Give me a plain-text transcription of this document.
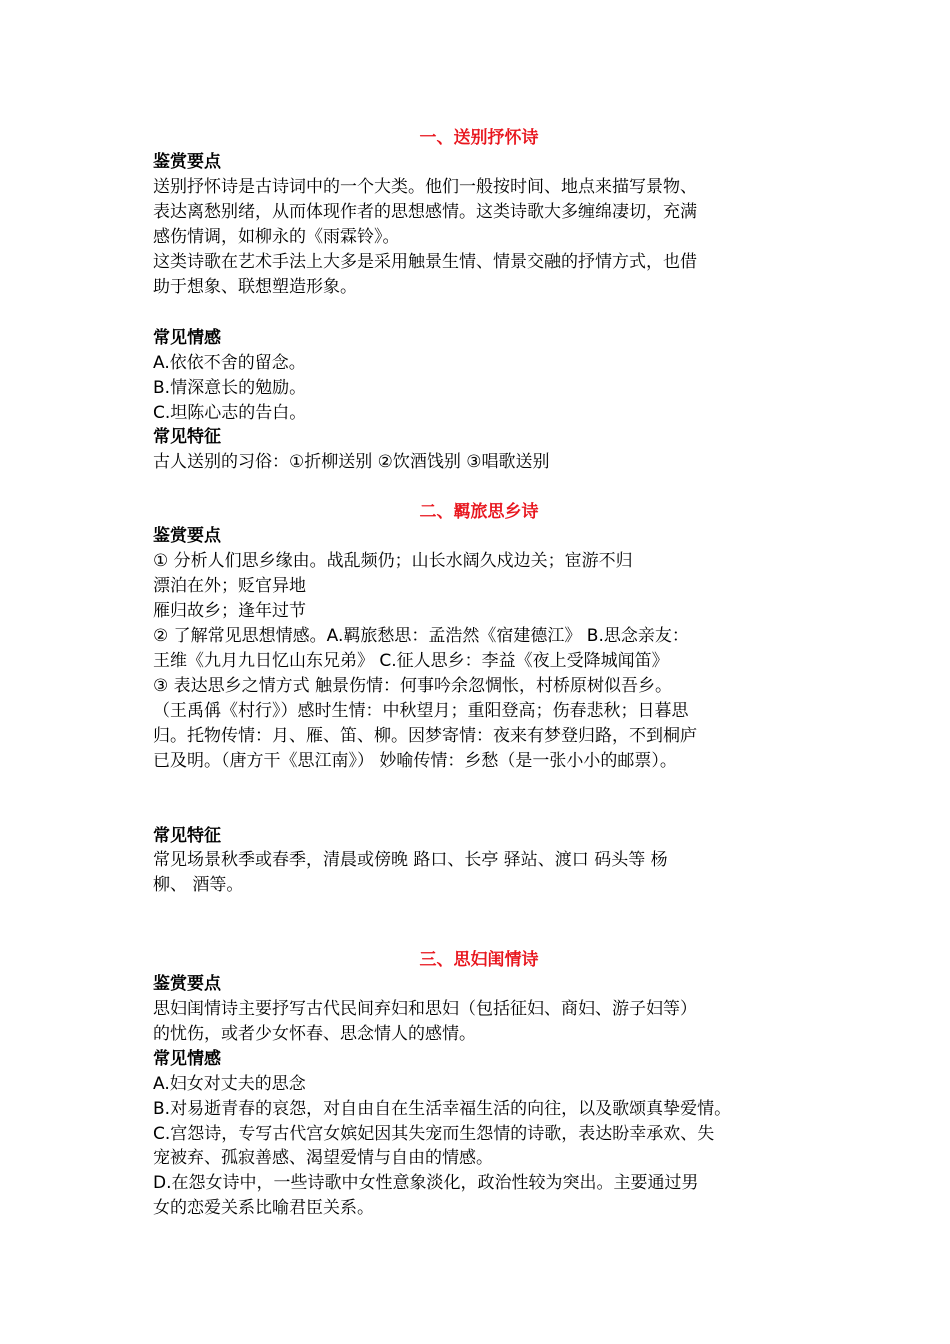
一、送别抒怀诗
鉴赏要点
送别抒怀诗是古诗词中的一个大类。他们一般按时间、地点来描写景物、
表达离愁别绪，从而体现作者的思想感情。这类诗歌大多缠绵凄切，充满
感伤情调，如柳永的《雨霖铃》。
这类诗歌在艺术手法上大多是采用触景生情、情景交融的抒情方式，也借
助于想象、联想塑造形象。
常见情感
A.依依不舍的留念。
B.情深意长的勉励。
C.坦陈心志的告白。
常见特征
古人送别的习俗：①折柳送别 ②饮酒饯别 ③唱歌送别
二、羁旅思乡诗
鉴赏要点
① 分析人们思乡缘由。战乱频仍；山长水阔久戍边关；宦游不归
漂泊在外；贬官异地
雁归故乡；逢年过节
② 了解常见思想情感。A.羁旅愁思：孟浩然《宿建德江》 B.思念亲友：
王维《九月九日忆山东兄弟》 C.征人思乡：李益《夜上受降城闻笛》
③ 表达思乡之情方式 触景伤情：何事吟余忽惆怅，村桥原树似吾乡。
（王禹偁《村行》）感时生情：中秋望月；重阳登高；伤春悲秋；日暮思
归。托物传情：月、雁、笛、柳。因梦寄情：夜来有梦登归路，不到桐庐
已及明。（唐方干《思江南》） 妙喻传情：乡愁（是一张小小的邮票）。
常见特征
常见场景秋季或春季，清晨或傍晚 路口、长亭 驿站、渡口 码头等 杨
柳、 酒等。
三、思妇闺情诗
鉴赏要点
思妇闺情诗主要抒写古代民间弃妇和思妇（包括征妇、商妇、游子妇等）
的忧伤，或者少女怀春、思念情人的感情。
常见情感
A.妇女对丈夫的思念
B.对易逝青春的哀怨，对自由自在生活幸福生活的向往，以及歌颂真挚爱情。
C.宫怨诗，专写古代宫女嫔妃因其失宠而生怨情的诗歌，表达盼幸承欢、失
宠被弃、孤寂善感、渴望爱情与自由的情感。
D.在怨女诗中，一些诗歌中女性意象淡化，政治性较为突出。主要通过男
女的恋爱关系比喻君臣关系。
